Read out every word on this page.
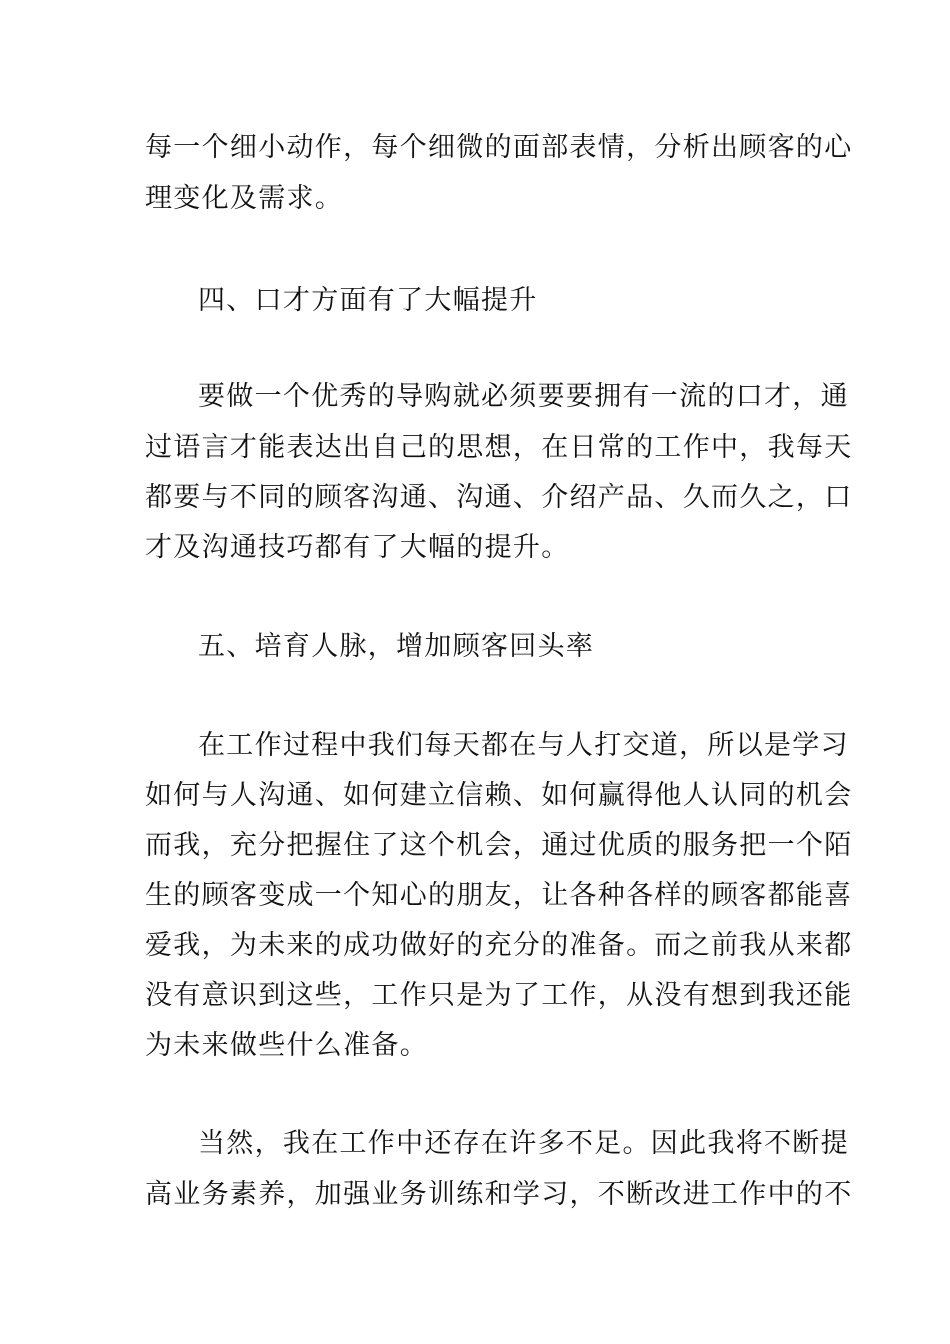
每一个细小动作，每个细微的面部表情，分析出顾客的心
理变化及需求。
四、口才方面有了大幅提升
要做一个优秀的导购就必须要要拥有一流的口才，通
过语言才能表达出自己的思想，在日常的工作中，我每天
都要与不同的顾客沟通、沟通、介绍产品、久而久之，口
才及沟通技巧都有了大幅的提升。
五、培育人脉，增加顾客回头率
在工作过程中我们每天都在与人打交道，所以是学习
如何与人沟通、如何建立信赖、如何赢得他人认同的机会
而我，充分把握住了这个机会，通过优质的服务把一个陌
生的顾客变成一个知心的朋友，让各种各样的顾客都能喜
爱我，为未来的成功做好的充分的准备。而之前我从来都
没有意识到这些，工作只是为了工作，从没有想到我还能
为未来做些什么准备。
当然，我在工作中还存在许多不足。因此我将不断提
高业务素养，加强业务训练和学习，不断改进工作中的不
